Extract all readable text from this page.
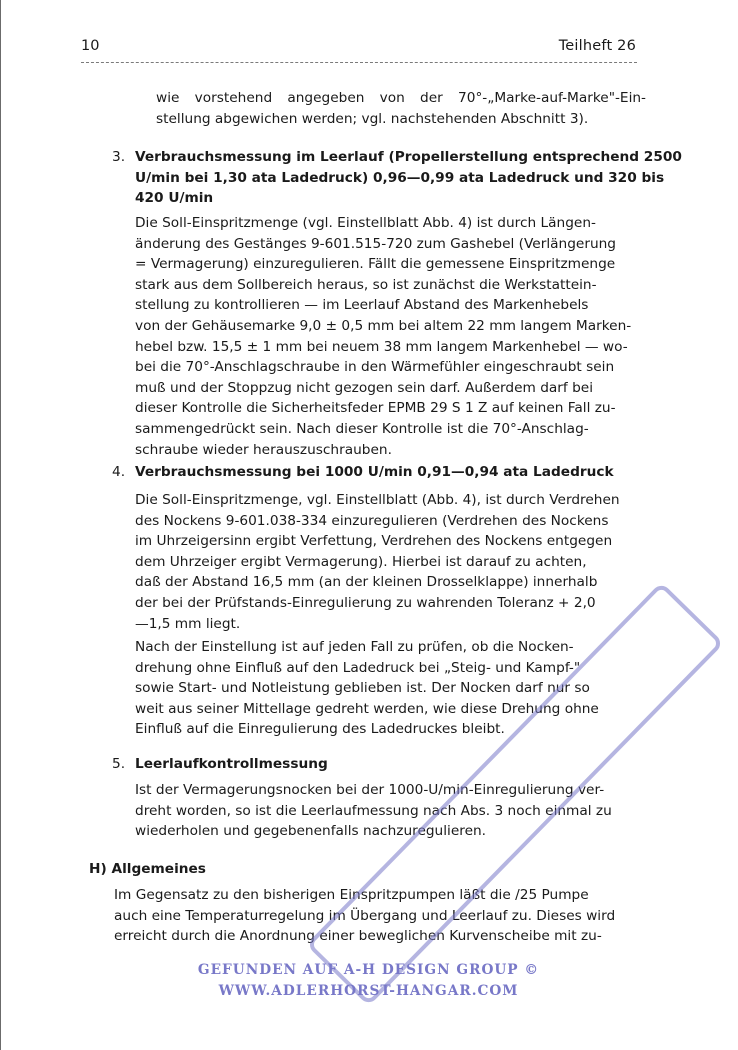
10	Teilheft 26
wie vorstehend angegeben von der 70°-„Marke-auf-Marke"-Ein-
stellung abgewichen werden; vgl. nachstehenden Abschnitt 3).
3. Verbrauchsmessung im Leerlauf (Propellerstellung entsprechend 2500
U/min bei 1,30 ata Ladedruck) 0,96—0,99 ata Ladedruck und 320 bis
420 U/min
Die Soll-Einspritzmenge (vgl. Einstellblatt Abb. 4) ist durch Längen-
änderung des Gestänges 9-601.515-720 zum Gashebel (Verlängerung
= Vermagerung) einzuregulieren. Fällt die gemessene Einspritzmenge
stark aus dem Sollbereich heraus, so ist zunächst die Werkstattein-
stellung zu kontrollieren — im Leerlauf Abstand des Markenhebels
von der Gehäusemarke 9,0 ± 0,5 mm bei altem 22 mm langem Marken-
hebel bzw. 15,5 ± 1 mm bei neuem 38 mm langem Markenhebel — wo-
bei die 70°-Anschlagschraube in den Wärmefühler eingeschraubt sein
muß und der Stoppzug nicht gezogen sein darf. Außerdem darf bei
dieser Kontrolle die Sicherheitsfeder EPMB 29 S 1 Z auf keinen Fall zu-
sammengedrückt sein. Nach dieser Kontrolle ist die 70°-Anschlag-
schraube wieder herauszuschrauben.
4. Verbrauchsmessung bei 1000 U/min 0,91—0,94 ata Ladedruck
Die Soll-Einspritzmenge, vgl. Einstellblatt (Abb. 4), ist durch Verdrehen
des Nockens 9-601.038-334 einzuregulieren (Verdrehen des Nockens
im Uhrzeigersinn ergibt Verfettung, Verdrehen des Nockens entgegen
dem Uhrzeiger ergibt Vermagerung). Hierbei ist darauf zu achten,
daß der Abstand 16,5 mm (an der kleinen Drosselklappe) innerhalb
der bei der Prüfstands-Einregulierung zu wahrenden Toleranz + 2,0
—1,5 mm liegt.
Nach der Einstellung ist auf jeden Fall zu prüfen, ob die Nocken-
drehung ohne Einfluß auf den Ladedruck bei „Steig- und Kampf-"
sowie Start- und Notleistung geblieben ist. Der Nocken darf nur so
weit aus seiner Mittellage gedreht werden, wie diese Drehung ohne
Einfluß auf die Einregulierung des Ladedruckes bleibt.
5. Leerlaufkontrollmessung
Ist der Vermagerungsnocken bei der 1000-U/min-Einregulierung ver-
dreht worden, so ist die Leerlaufmessung nach Abs. 3 noch einmal zu
wiederholen und gegebenenfalls nachzuregulieren.
H) Allgemeines
Im Gegensatz zu den bisherigen Einspritzpumpen läßt die /25 Pumpe
auch eine Temperaturregelung im Übergang und Leerlauf zu. Dieses wird
erreicht durch die Anordnung einer beweglichen Kurvenscheibe mit zu-
GEFUNDEN AUF A-H DESIGN GROUP ©
WWW.ADLERHORST-HANGAR.COM
